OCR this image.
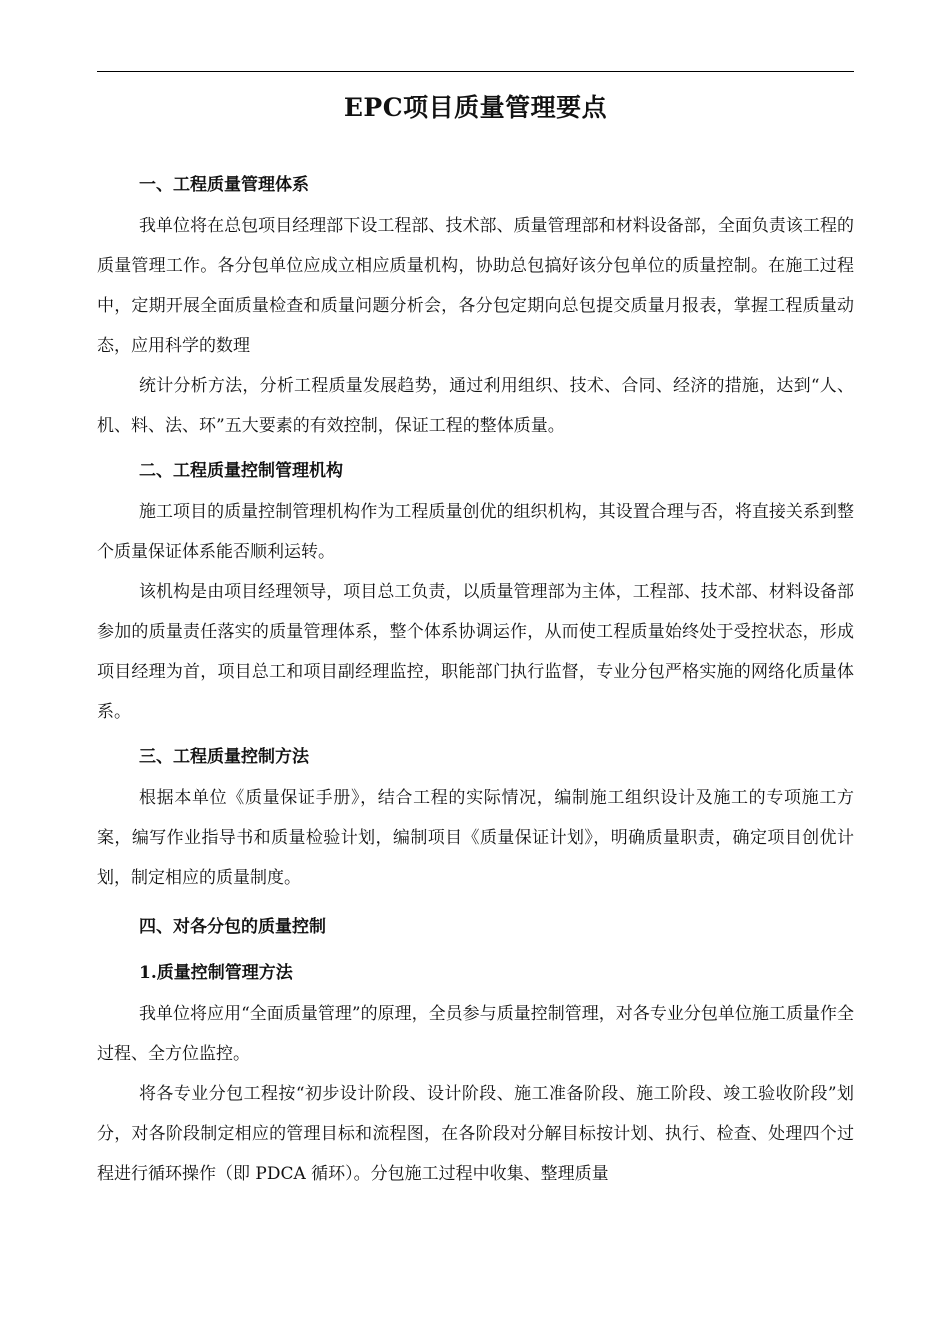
EPC项目质量管理要点

一、工程质量管理体系

我单位将在总包项目经理部下设工程部、技术部、质量管理部和材料设备部，全面负责该工程的质量管理工作。各分包单位应成立相应质量机构，协助总包搞好该分包单位的质量控制。在施工过程中，定期开展全面质量检查和质量问题分析会，各分包定期向总包提交质量月报表，掌握工程质量动态，应用科学的数理

统计分析方法，分析工程质量发展趋势，通过利用组织、技术、合同、经济的措施，达到“人、机、料、法、环”五大要素的有效控制，保证工程的整体质量。

二、工程质量控制管理机构

施工项目的质量控制管理机构作为工程质量创优的组织机构，其设置合理与否，将直接关系到整个质量保证体系能否顺利运转。

该机构是由项目经理领导，项目总工负责，以质量管理部为主体，工程部、技术部、材料设备部参加的质量责任落实的质量管理体系，整个体系协调运作，从而使工程质量始终处于受控状态，形成项目经理为首，项目总工和项目副经理监控，职能部门执行监督，专业分包严格实施的网络化质量体系。

三、工程质量控制方法

根据本单位《质量保证手册》，结合工程的实际情况，编制施工组织设计及施工的专项施工方案，编写作业指导书和质量检验计划，编制项目《质量保证计划》，明确质量职责，确定项目创优计划，制定相应的质量制度。

四、对各分包的质量控制

1.质量控制管理方法

我单位将应用“全面质量管理”的原理，全员参与质量控制管理，对各专业分包单位施工质量作全过程、全方位监控。

将各专业分包工程按“初步设计阶段、设计阶段、施工准备阶段、施工阶段、竣工验收阶段”划分，对各阶段制定相应的管理目标和流程图，在各阶段对分解目标按计划、执行、检查、处理四个过程进行循环操作（即 PDCA 循环）。分包施工过程中收集、整理质量
